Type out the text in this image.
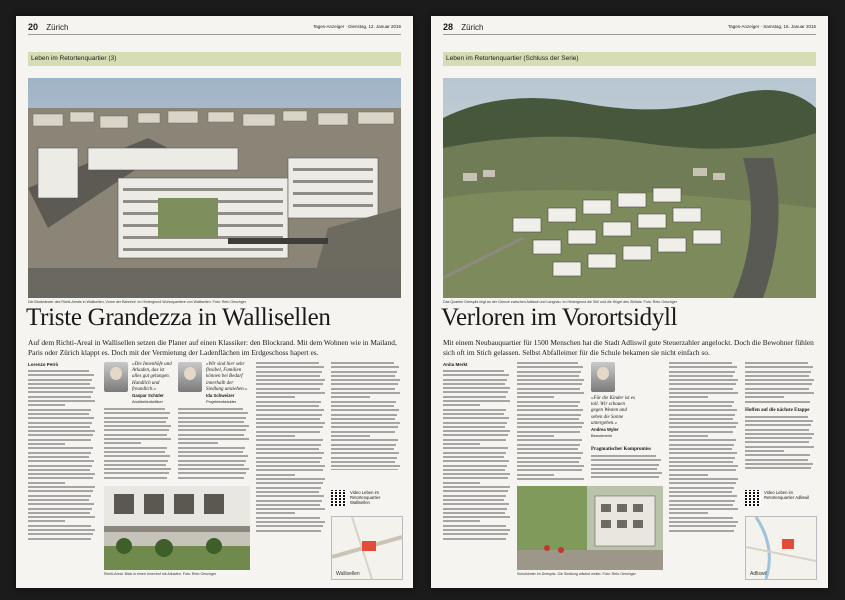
20 Zürich	Tages-Anzeiger · Dienstag, 12. Januar 2016
Leben im Retortenquartier (3)
Die Blockränder des Richti-Areals in Wallisellen, Vorne der Bahnhof. Im Hintergrund Wohnquartiere von Wallisellen. Foto: Reto Oeschger
Triste Grandezza in Wallisellen
Auf dem Richti-Areal in Wallisellen setzen die Planer auf einen Klassiker: den Blockrand. Mit dem Wohnen wie in Mailand, Paris oder Zürich klappt es. Doch mit der Vermietung der Ladenflächen im Erdgeschoss hapert es.
Lorenzo Petrò	«Die Innenhöfe und Arkaden, das ist alles gut gelungen. Handlich und freundlich.»
Gaspar Schüler
Architekturkritiker
«Wir sind hier sehr flexibel, Familien können bei Bedarf innerhalb der Siedlung umziehen.»
Ida Schweizer
Projektentwickler
Richti-Areal. Blick in einen Innenhof mit Arkaden. Foto: Reto Oeschger
Video Leben im Retortenquartier Wallisellen
Wallisellen
28 Zürich	Tages-Anzeiger · Samstag, 16. Januar 2016
Leben im Retortenquartier (Schluss der Serie)
Das Quartier Dreispitz liegt an der Grenze zwischen Adliswil und Langnau. Im Hintergrund die Sihl und die Hügel des Sihltals. Foto: Reto Oeschger
Verloren im Vorortsidyll
Mit einem Neubauquartier für 1500 Menschen hat die Stadt Adliswil gute Steuerzahler angelockt. Doch die Bewohner fühlen sich oft im Stich gelassen. Selbst Abfalleimer für die Schule bekamen sie nicht einfach so.
Anita Merkt
«Für die Kinder ist es toll. Wir schauen gegen Westen und sehen die Sonne untergehen.»
Andrea Wyler
Bewohnerin
Pragmatischer Kompromiss
Hoffen auf die nächste Etappe
Schulkinder im Dreispitz. Die Siedlung wächst weiter. Foto: Reto Oeschger
Video Leben im Retortenquartier Adliswil
Adliswil
